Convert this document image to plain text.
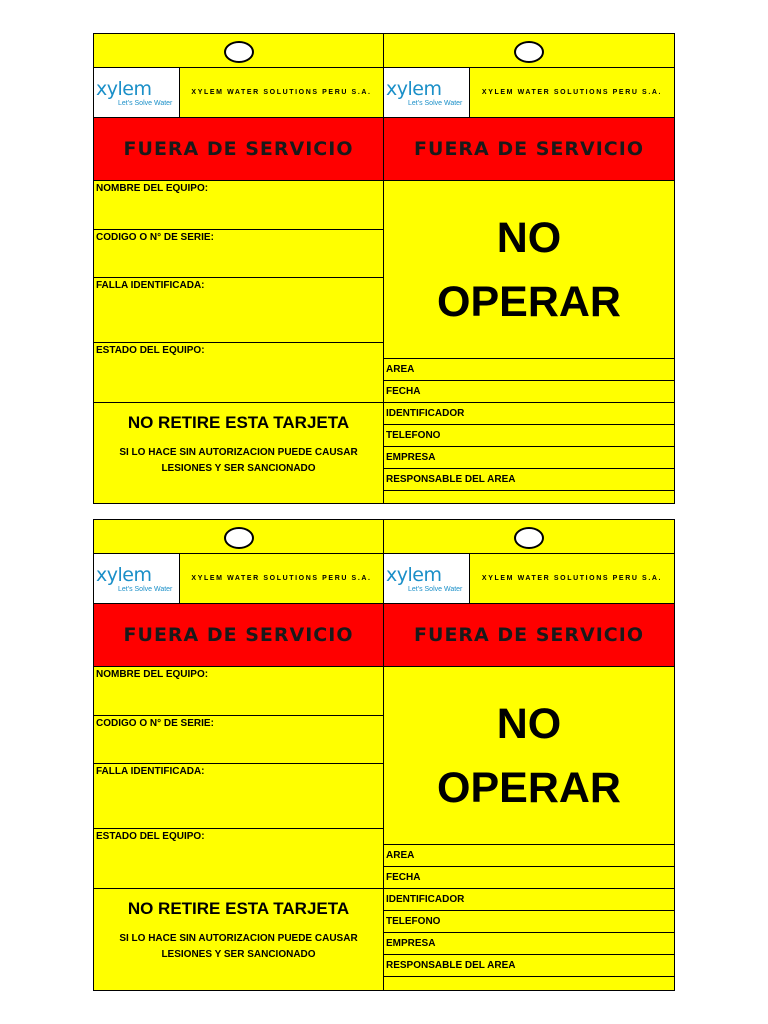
xylem
Let's Solve Water
XYLEM WATER SOLUTIONS PERU S.A.
FUERA DE SERVICIO
NOMBRE DEL EQUIPO:
CODIGO O N° DE SERIE:
FALLA IDENTIFICADA:
ESTADO DEL EQUIPO:
NO RETIRE ESTA TARJETA
SI LO HACE SIN AUTORIZACION PUEDE CAUSAR
LESIONES Y SER SANCIONADO
xylem
Let's Solve Water
XYLEM WATER SOLUTIONS PERU S.A.
FUERA DE SERVICIO
NO
OPERAR
AREA
FECHA
IDENTIFICADOR
TELEFONO
EMPRESA
RESPONSABLE DEL AREA
xylem
Let's Solve Water
XYLEM WATER SOLUTIONS PERU S.A.
FUERA DE SERVICIO
NOMBRE DEL EQUIPO:
CODIGO O N° DE SERIE:
FALLA IDENTIFICADA:
ESTADO DEL EQUIPO:
NO RETIRE ESTA TARJETA
SI LO HACE SIN AUTORIZACION PUEDE CAUSAR
LESIONES Y SER SANCIONADO
xylem
Let's Solve Water
XYLEM WATER SOLUTIONS PERU S.A.
FUERA DE SERVICIO
NO
OPERAR
AREA
FECHA
IDENTIFICADOR
TELEFONO
EMPRESA
RESPONSABLE DEL AREA
